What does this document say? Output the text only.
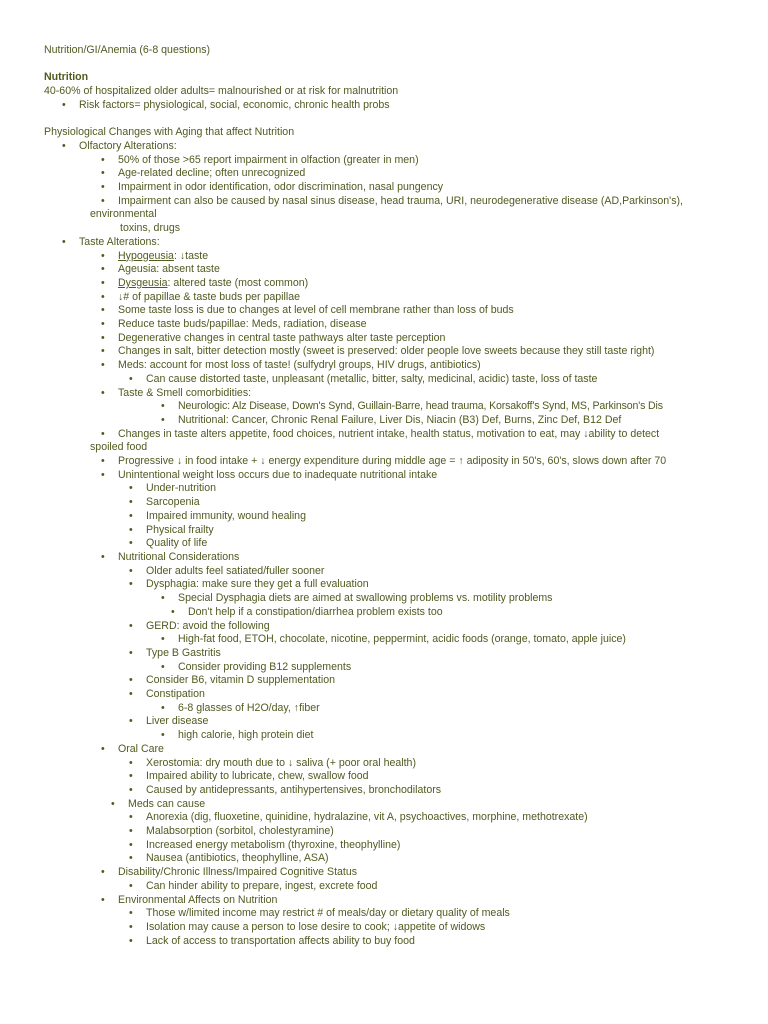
Nutrition/GI/Anemia (6-8 questions)
Nutrition
40-60% of hospitalized older adults= malnourished or at risk for malnutrition
• Risk factors= physiological, social, economic, chronic health probs
Physiological Changes with Aging that affect Nutrition
• Olfactory Alterations:
• 50% of those >65 report impairment in olfaction (greater in men)
• Age-related decline; often unrecognized
• Impairment in odor identification, odor discrimination, nasal pungency
• Impairment can also be caused by nasal sinus disease, head trauma, URI, neurodegenerative disease (AD,Parkinson's),
environmental
toxins, drugs
• Taste Alterations:
• Hypogeusia: ↓taste
• Ageusia: absent taste
• Dysgeusia: altered taste (most common)
• ↓# of papillae & taste buds per papillae
• Some taste loss is due to changes at level of cell membrane rather than loss of buds
• Reduce taste buds/papillae: Meds, radiation, disease
• Degenerative changes in central taste pathways alter taste perception
• Changes in salt, bitter detection mostly (sweet is preserved: older people love sweets because they still taste right)
• Meds: account for most loss of taste! (sulfydryl groups, HIV drugs, antibiotics)
• Can cause distorted taste, unpleasant (metallic, bitter, salty, medicinal, acidic) taste, loss of taste
• Taste & Smell comorbidities:
• Neurologic: Alz Disease, Down's Synd, Guillain-Barre, head trauma, Korsakoff's Synd, MS, Parkinson's Dis
• Nutritional: Cancer, Chronic Renal Failure, Liver Dis, Niacin (B3) Def, Burns, Zinc Def, B12 Def
• Changes in taste alters appetite, food choices, nutrient intake, health status, motivation to eat, may ↓ability to detect
spoiled food
• Progressive ↓ in food intake + ↓ energy expenditure during middle age = ↑ adiposity in 50's, 60's, slows down after 70
• Unintentional weight loss occurs due to inadequate nutritional intake
• Under-nutrition
• Sarcopenia
• Impaired immunity, wound healing
• Physical frailty
• Quality of life
• Nutritional Considerations
• Older adults feel satiated/fuller sooner
• Dysphagia: make sure they get a full evaluation
• Special Dysphagia diets are aimed at swallowing problems vs. motility problems
• Don't help if a constipation/diarrhea problem exists too
• GERD: avoid the following
• High-fat food, ETOH, chocolate, nicotine, peppermint, acidic foods (orange, tomato, apple juice)
• Type B Gastritis
• Consider providing B12 supplements
• Consider B6, vitamin D supplementation
• Constipation
• 6-8 glasses of H2O/day, ↑fiber
• Liver disease
• high calorie, high protein diet
• Oral Care
• Xerostomia: dry mouth due to ↓ saliva (+ poor oral health)
• Impaired ability to lubricate, chew, swallow food
• Caused by antidepressants, antihypertensives, bronchodilators
• Meds can cause
• Anorexia (dig, fluoxetine, quinidine, hydralazine, vit A, psychoactives, morphine, methotrexate)
• Malabsorption (sorbitol, cholestyramine)
• Increased energy metabolism (thyroxine, theophylline)
• Nausea (antibiotics, theophylline, ASA)
• Disability/Chronic Illness/Impaired Cognitive Status
• Can hinder ability to prepare, ingest, excrete food
• Environmental Affects on Nutrition
• Those w/limited income may restrict # of meals/day or dietary quality of meals
• Isolation may cause a person to lose desire to cook; ↓appetite of widows
• Lack of access to transportation affects ability to buy food
